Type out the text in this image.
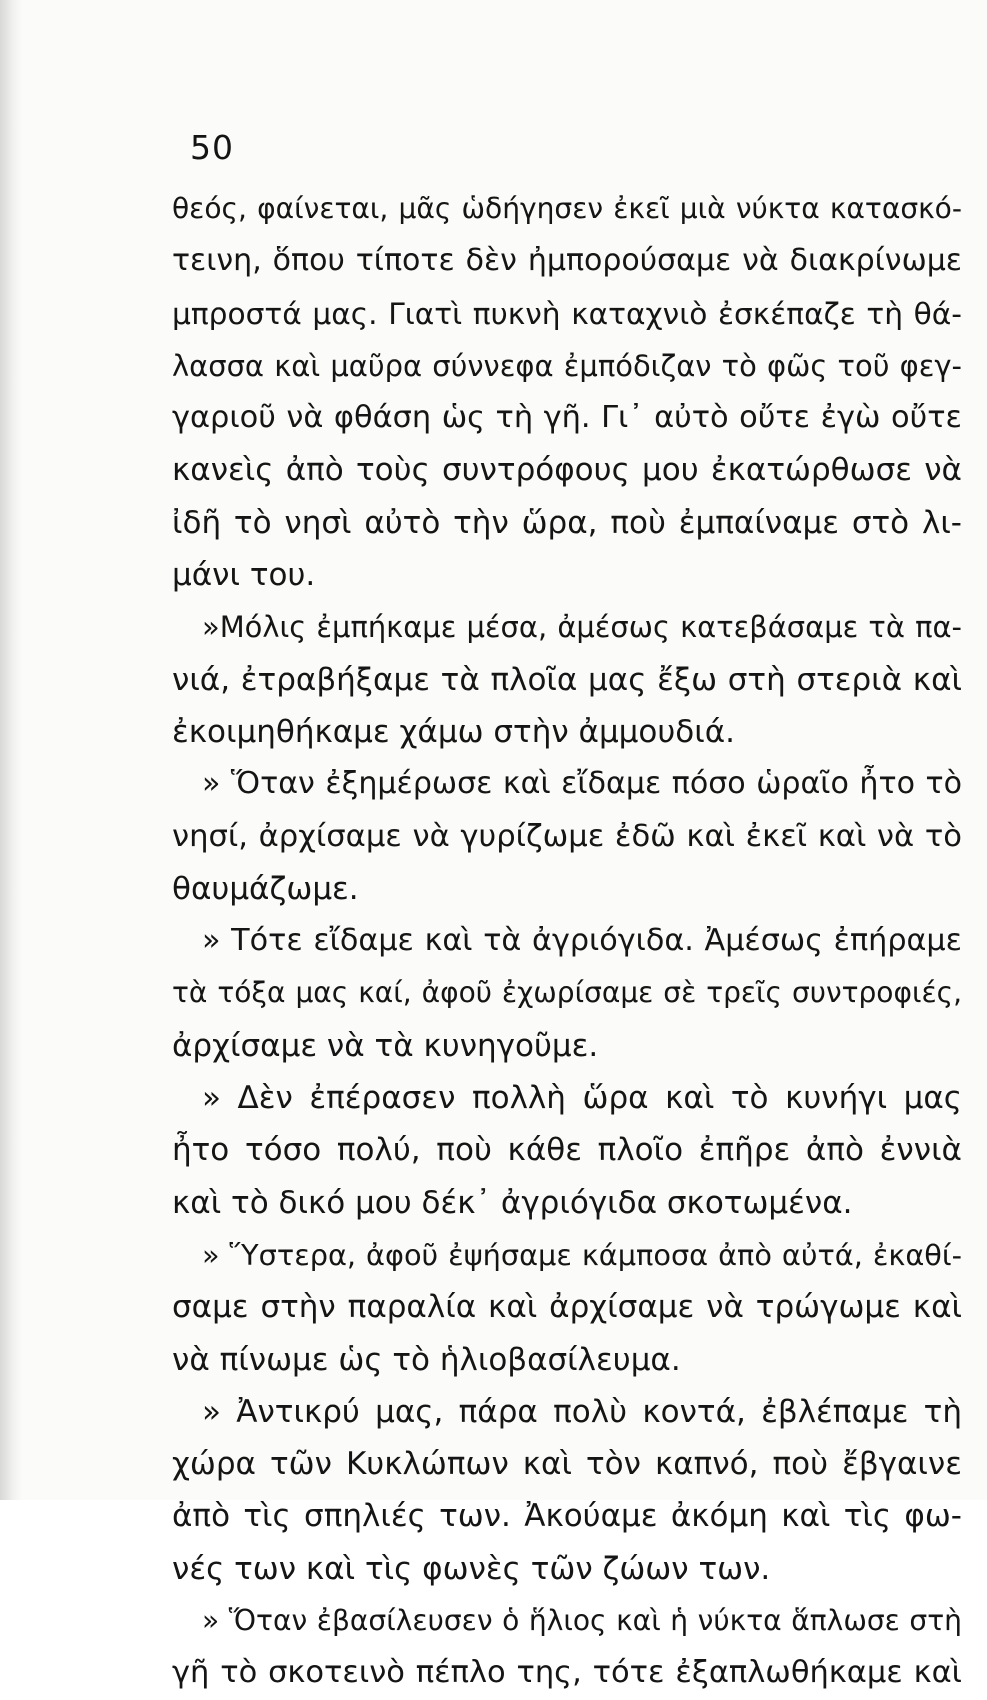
50
θεός, φαίνεται, μᾶς ὡδήγησεν ἐκεῖ μιὰ νύκτα κατασκό-
τεινη, ὅπου τίποτε δὲν ἠμπορούσαμε νὰ διακρίνωμε
μπροστά μας. Γιατὶ πυκνὴ καταχνιὸ ἐσκέπαζε τὴ θά-
λασσα καὶ μαῦρα σύννεφα ἐμπόδιζαν τὸ φῶς τοῦ φεγ-
γαριοῦ νὰ φθάση ὡς τὴ γῆ. Γι᾽ αὐτὸ οὔτε ἐγὼ οὔτε
κανεὶς ἀπὸ τοὺς συντρόφους μου ἐκατώρθωσε νὰ
ἰδῆ τὸ νησὶ αὐτὸ τὴν ὥρα, ποὺ ἐμπαίναμε στὸ λι-
μάνι του.
»Μόλις ἐμπήκαμε μέσα, ἀμέσως κατεβάσαμε τὰ πα-
νιά, ἐτραβήξαμε τὰ πλοῖα μας ἔξω στὴ στεριὰ καὶ
ἐκοιμηθήκαμε χάμω στὴν ἀμμουδιά.
» Ὅταν ἐξημέρωσε καὶ εἴδαμε πόσο ὡραῖο ἦτο τὸ
νησί, ἀρχίσαμε νὰ γυρίζωμε ἐδῶ καὶ ἐκεῖ καὶ νὰ τὸ
θαυμάζωμε.
» Τότε εἴδαμε καὶ τὰ ἀγριόγιδα. Ἀμέσως ἐπήραμε
τὰ τόξα μας καί, ἀφοῦ ἐχωρίσαμε σὲ τρεῖς συντροφιές,
ἀρχίσαμε νὰ τὰ κυνηγοῦμε.
» Δὲν ἐπέρασεν πολλὴ ὥρα καὶ τὸ κυνήγι μας
ἦτο τόσο πολύ, ποὺ κάθε πλοῖο ἐπῆρε ἀπὸ ἐννιὰ
καὶ τὸ δικό μου δέκ᾽ ἀγριόγιδα σκοτωμένα.
» Ὕστερα, ἀφοῦ ἐψήσαμε κάμποσα ἀπὸ αὐτά, ἐκαθί-
σαμε στὴν παραλία καὶ ἀρχίσαμε νὰ τρώγωμε καὶ
νὰ πίνωμε ὡς τὸ ἡλιοβασίλευμα.
» Ἀντικρύ μας, πάρα πολὺ κοντά, ἐβλέπαμε τὴ
χώρα τῶν Κυκλώπων καὶ τὸν καπνό, ποὺ ἔβγαινε
ἀπὸ τὶς σπηλιές των. Ἀκούαμε ἀκόμη καὶ τὶς φω-
νές των καὶ τὶς φωνὲς τῶν ζώων των.
» Ὅταν ἐβασίλευσεν ὁ ἥλιος καὶ ἡ νύκτα ἅπλωσε στὴ
γῆ τὸ σκοτεινὸ πέπλο της, τότε ἐξαπλωθήκαμε καὶ
